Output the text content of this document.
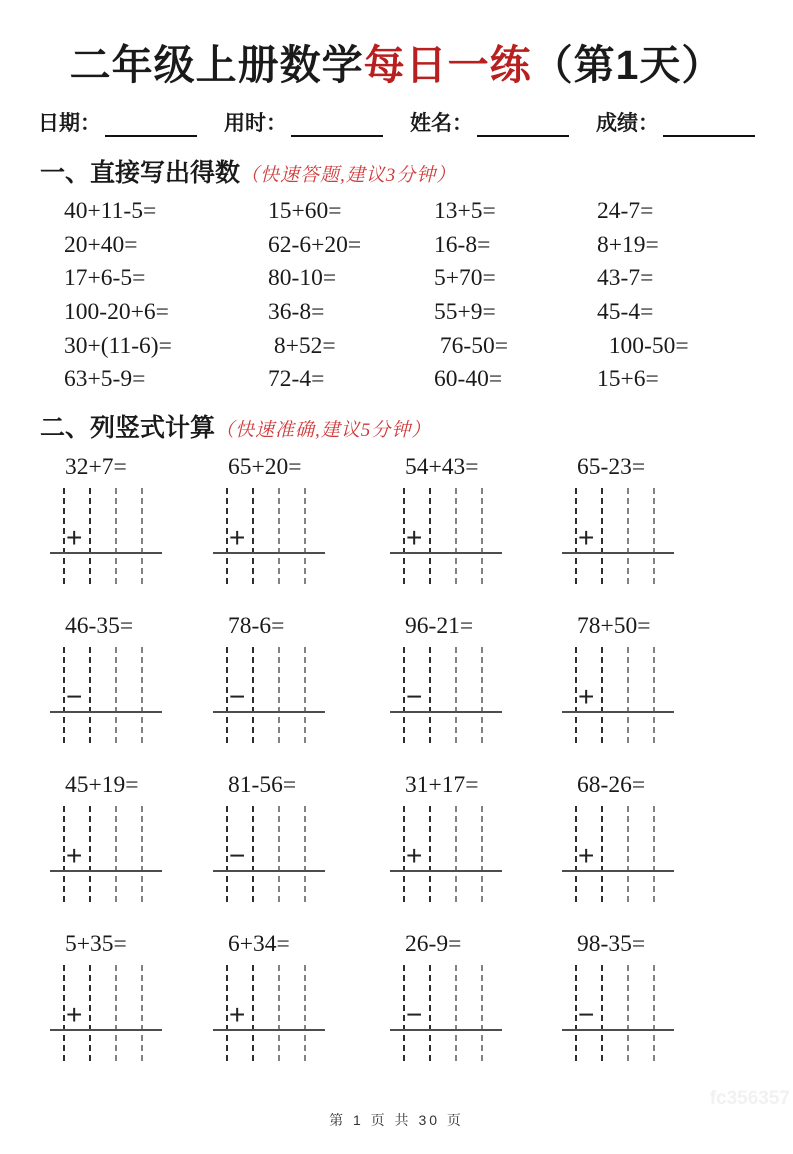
二年级上册数学每日一练（第1天）
日期：	用时：	姓名：	成绩：
一、直接写出得数（快速答题,建议3分钟）
40+11-5=	15+60=	13+5=	24-7=
20+40=	62-6+20=	16-8=	8+19=
17+6-5=	80-10=	5+70=	43-7=
100-20+6=	36-8=	55+9=	45-4=
30+(11-6)=	8+52=	76-50=	100-50=
63+5-9=	72-4=	60-40=	15+6=
二、列竖式计算（快速准确,建议5分钟）
32+7=
+
65+20=
+
54+43=
+
65-23=
+
46-35=
−
78-6=
−
96-21=
−
78+50=
+
45+19=
+
81-56=
−
31+17=
+
68-26=
+
5+35=
+
6+34=
+
26-9=
−
98-35=
−
第 1 页 共 30 页
fc356357
